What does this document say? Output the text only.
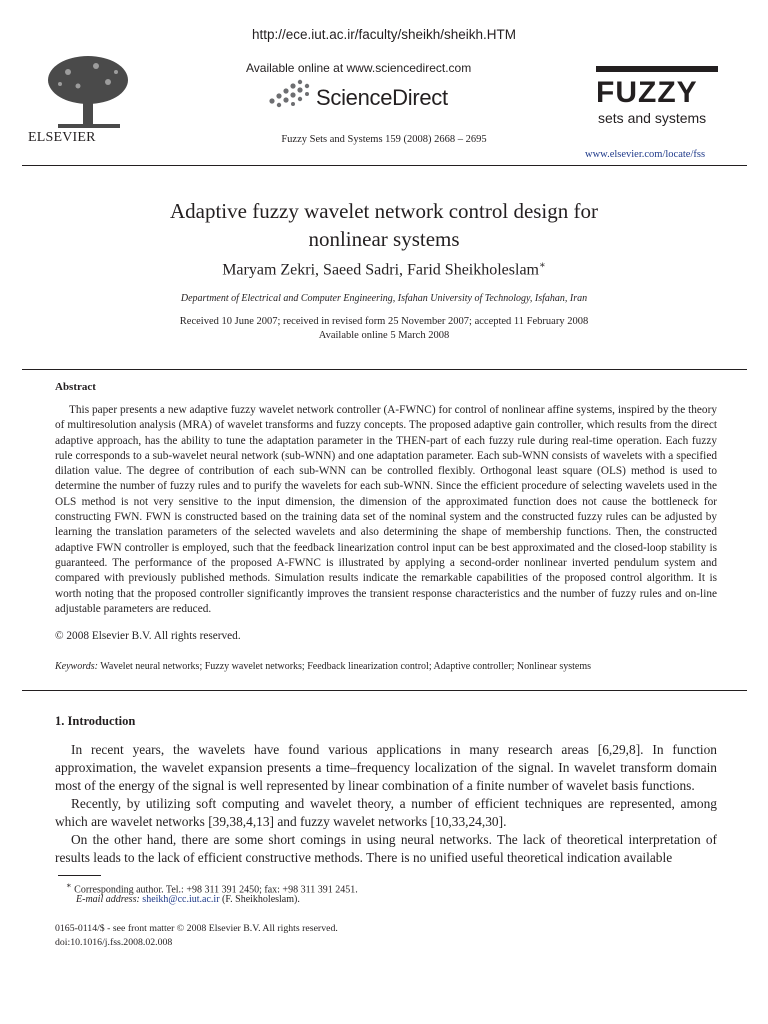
http://ece.iut.ac.ir/faculty/sheikh/sheikh.HTM
Available online at www.sciencedirect.com
ScienceDirect
ELSEVIER	Fuzzy Sets and Systems 159 (2008) 2668 – 2695
FUZZY
sets and systems
www.elsevier.com/locate/fss
Adaptive fuzzy wavelet network control design for
nonlinear systems
Maryam Zekri, Saeed Sadri, Farid Sheikholeslam∗
Department of Electrical and Computer Engineering, Isfahan University of Technology, Isfahan, Iran
Received 10 June 2007; received in revised form 25 November 2007; accepted 11 February 2008
Available online 5 March 2008
Abstract

This paper presents a new adaptive fuzzy wavelet network controller (A-FWNC) for control of nonlinear affine systems, inspired by the theory of multiresolution analysis (MRA) of wavelet transforms and fuzzy concepts. The proposed adaptive gain controller, which results from the direct adaptive approach, has the ability to tune the adaptation parameter in the THEN-part of each fuzzy rule during real-time operation. Each fuzzy rule corresponds to a sub-wavelet neural network (sub-WNN) and one adaptation parameter. Each sub-WNN consists of wavelets with a specified dilation value. The degree of contribution of each sub-WNN can be controlled flexibly. Orthogonal least square (OLS) method is used to determine the number of fuzzy rules and to purify the wavelets for each sub-WNN. Since the efficient procedure of selecting wavelets used in the OLS method is not very sensitive to the input dimension, the dimension of the approximated function does not cause the bottleneck for constructing FWN. FWN is constructed based on the training data set of the nominal system and the constructed fuzzy rules can be adjusted by learning the translation parameters of the selected wavelets and also determining the shape of membership functions. Then, the constructed adaptive FWN controller is employed, such that the feedback linearization control input can be best approximated and the closed-loop stability is guaranteed. The performance of the proposed A-FWNC is illustrated by applying a second-order nonlinear inverted pendulum system and compared with previously published methods. Simulation results indicate the remarkable capabilities of the proposed control algorithm. It is worth noting that the proposed controller significantly improves the transient response characteristics and the number of fuzzy rules and on-line adjustable parameters are reduced.

© 2008 Elsevier B.V. All rights reserved.
Keywords: Wavelet neural networks; Fuzzy wavelet networks; Feedback linearization control; Adaptive controller; Nonlinear systems
1. Introduction

In recent years, the wavelets have found various applications in many research areas [6,29,8]. In function approximation, the wavelet expansion presents a time–frequency localization of the signal. In wavelet transform domain most of the energy of the signal is well represented by linear combination of a finite number of wavelet basis functions.

Recently, by utilizing soft computing and wavelet theory, a number of efficient techniques are represented, among which are wavelet networks [39,38,4,13] and fuzzy wavelet networks [10,33,24,30].

On the other hand, there are some short comings in using neural networks. The lack of theoretical interpretation of results leads to the lack of efficient constructive methods. There is no unified useful theoretical indication available

∗ Corresponding author. Tel.: +98 311 391 2450; fax: +98 311 391 2451.
E-mail address: sheikh@cc.iut.ac.ir (F. Sheikholeslam).
0165-0114/$ - see front matter © 2008 Elsevier B.V. All rights reserved.
doi:10.1016/j.fss.2008.02.008
